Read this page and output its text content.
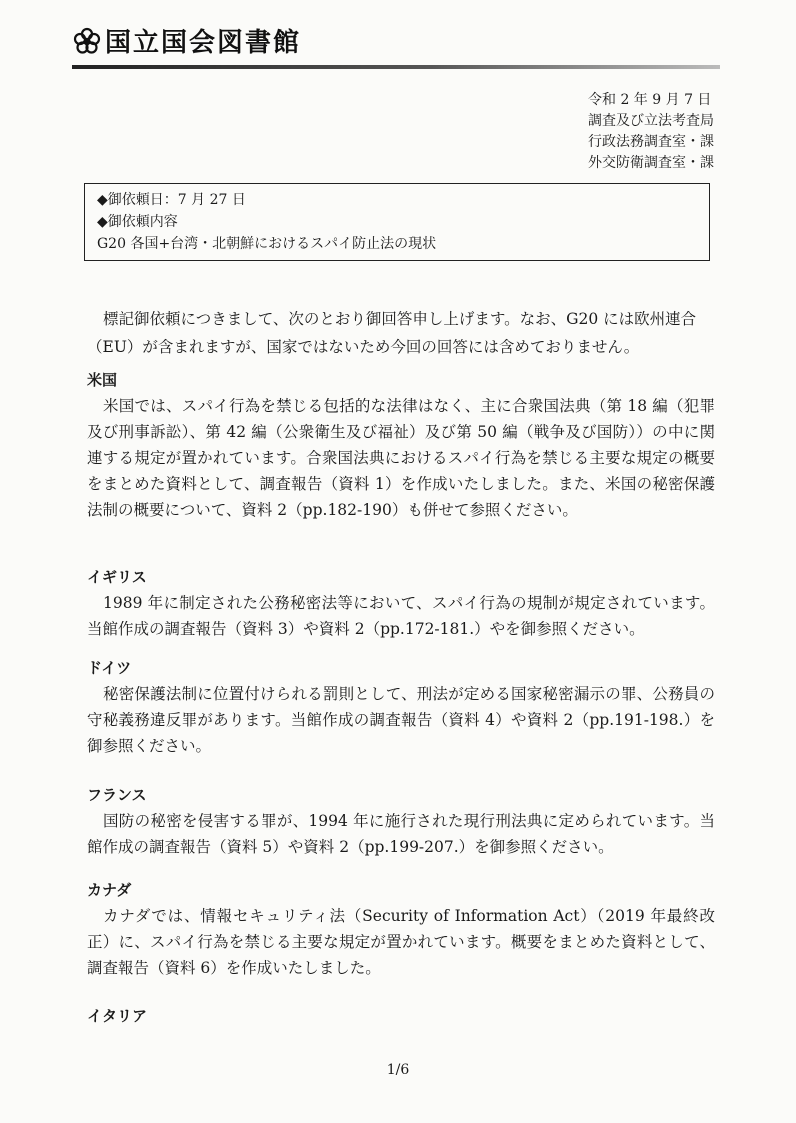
国立国会図書館
令和 2 年 9 月 7 日
調査及び立法考査局
行政法務調査室・課
外交防衛調査室・課
◆御依頼日：7 月 27 日
◆御依頼内容
G20 各国+台湾・北朝鮮におけるスパイ防止法の現状

標記御依頼につきまして、次のとおり御回答申し上げます。なお、G20 には欧州連合（EU）が含まれますが、国家ではないため今回の回答には含めておりません。

米国

米国では、スパイ行為を禁じる包括的な法律はなく、主に合衆国法典（第 18 編（犯罪及び刑事訴訟）、第 42 編（公衆衛生及び福祉）及び第 50 編（戦争及び国防））の中に関連する規定が置かれています。合衆国法典におけるスパイ行為を禁じる主要な規定の概要をまとめた資料として、調査報告（資料 1）を作成いたしました。また、米国の秘密保護法制の概要について、資料 2（pp.182-190）も併せて参照ください。

イギリス

1989 年に制定された公務秘密法等において、スパイ行為の規制が規定されています。当館作成の調査報告（資料 3）や資料 2（pp.172-181.）やを御参照ください。

ドイツ

秘密保護法制に位置付けられる罰則として、刑法が定める国家秘密漏示の罪、公務員の守秘義務違反罪があります。当館作成の調査報告（資料 4）や資料 2（pp.191-198.）を御参照ください。

フランス

国防の秘密を侵害する罪が、1994 年に施行された現行刑法典に定められています。当館作成の調査報告（資料 5）や資料 2（pp.199-207.）を御参照ください。

カナダ

カナダでは、情報セキュリティ法（Security of Information Act）（2019 年最終改正）に、スパイ行為を禁じる主要な規定が置かれています。概要をまとめた資料として、調査報告（資料 6）を作成いたしました。

イタリア
1/6
